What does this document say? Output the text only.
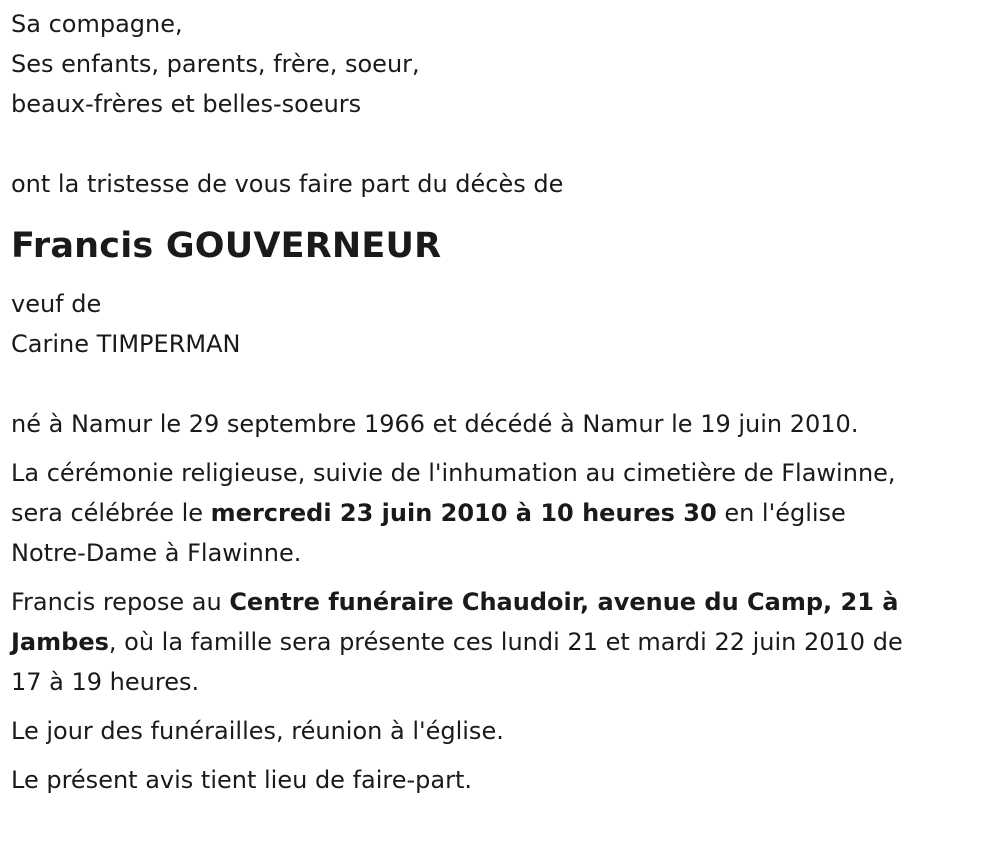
Sa compagne,
Ses enfants, parents, frère, soeur,
beaux-frères et belles-soeurs
ont la tristesse de vous faire part du décès de
Francis GOUVERNEUR
veuf de
Carine TIMPERMAN

né à Namur le 29 septembre 1966 et décédé à Namur le 19 juin 2010.

La cérémonie religieuse, suivie de l'inhumation au cimetière de Flawinne,
sera célébrée le mercredi 23 juin 2010 à 10 heures 30 en l'église
Notre-Dame à Flawinne.

Francis repose au Centre funéraire Chaudoir, avenue du Camp, 21 à
Jambes, où la famille sera présente ces lundi 21 et mardi 22 juin 2010 de
17 à 19 heures.

Le jour des funérailles, réunion à l'église.

Le présent avis tient lieu de faire-part.
